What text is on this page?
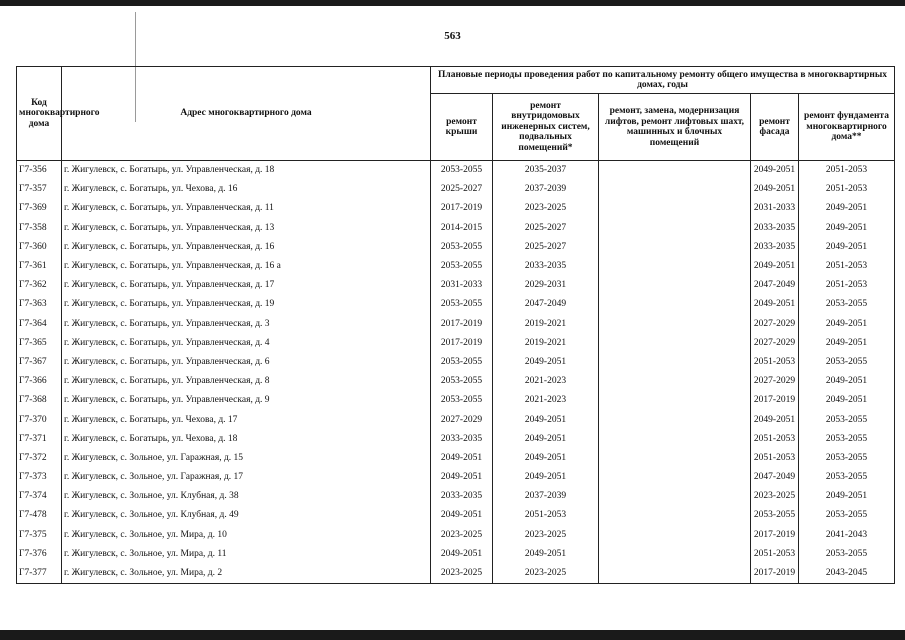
563
Код многоквартирного дома	Адрес многоквартирного дома	Плановые периоды проведения работ по капитальному ремонту общего имущества в многоквартирных домах, годы				
		ремонт крыши	ремонт внутридомовых инженерных систем, подвальных помещений*	ремонт, замена, модернизация лифтов, ремонт лифтовых шахт, машинных и блочных помещений	ремонт фасада	ремонт фундамента многоквартирного дома**
Г7-356	г. Жигулевск, с. Богатырь, ул. Управленческая, д. 18	2053-2055	2035-2037		2049-2051	2051-2053
Г7-357	г. Жигулевск, с. Богатырь, ул. Чехова, д. 16	2025-2027	2037-2039		2049-2051	2051-2053
Г7-369	г. Жигулевск, с. Богатырь, ул. Управленческая, д. 11	2017-2019	2023-2025		2031-2033	2049-2051
Г7-358	г. Жигулевск, с. Богатырь, ул. Управленческая, д. 13	2014-2015	2025-2027		2033-2035	2049-2051
Г7-360	г. Жигулевск, с. Богатырь, ул. Управленческая, д. 16	2053-2055	2025-2027		2033-2035	2049-2051
Г7-361	г. Жигулевск, с. Богатырь, ул. Управленческая, д. 16 а	2053-2055	2033-2035		2049-2051	2051-2053
Г7-362	г. Жигулевск, с. Богатырь, ул. Управленческая, д. 17	2031-2033	2029-2031		2047-2049	2051-2053
Г7-363	г. Жигулевск, с. Богатырь, ул. Управленческая, д. 19	2053-2055	2047-2049		2049-2051	2053-2055
Г7-364	г. Жигулевск, с. Богатырь, ул. Управленческая, д. 3	2017-2019	2019-2021		2027-2029	2049-2051
Г7-365	г. Жигулевск, с. Богатырь, ул. Управленческая, д. 4	2017-2019	2019-2021		2027-2029	2049-2051
Г7-367	г. Жигулевск, с. Богатырь, ул. Управленческая, д. 6	2053-2055	2049-2051		2051-2053	2053-2055
Г7-366	г. Жигулевск, с. Богатырь, ул. Управленческая, д. 8	2053-2055	2021-2023		2027-2029	2049-2051
Г7-368	г. Жигулевск, с. Богатырь, ул. Управленческая, д. 9	2053-2055	2021-2023		2017-2019	2049-2051
Г7-370	г. Жигулевск, с. Богатырь, ул. Чехова, д. 17	2027-2029	2049-2051		2049-2051	2053-2055
Г7-371	г. Жигулевск, с. Богатырь, ул. Чехова, д. 18	2033-2035	2049-2051		2051-2053	2053-2055
Г7-372	г. Жигулевск, с. Зольное, ул. Гаражная, д. 15	2049-2051	2049-2051		2051-2053	2053-2055
Г7-373	г. Жигулевск, с. Зольное, ул. Гаражная, д. 17	2049-2051	2049-2051		2047-2049	2053-2055
Г7-374	г. Жигулевск, с. Зольное, ул. Клубная, д. 38	2033-2035	2037-2039		2023-2025	2049-2051
Г7-478	г. Жигулевск, с. Зольное, ул. Клубная, д. 49	2049-2051	2051-2053		2053-2055	2053-2055
Г7-375	г. Жигулевск, с. Зольное, ул. Мира, д. 10	2023-2025	2023-2025		2017-2019	2041-2043
Г7-376	г. Жигулевск, с. Зольное, ул. Мира, д. 11	2049-2051	2049-2051		2051-2053	2053-2055
Г7-377	г. Жигулевск, с. Зольное, ул. Мира, д. 2	2023-2025	2023-2025		2017-2019	2043-2045
